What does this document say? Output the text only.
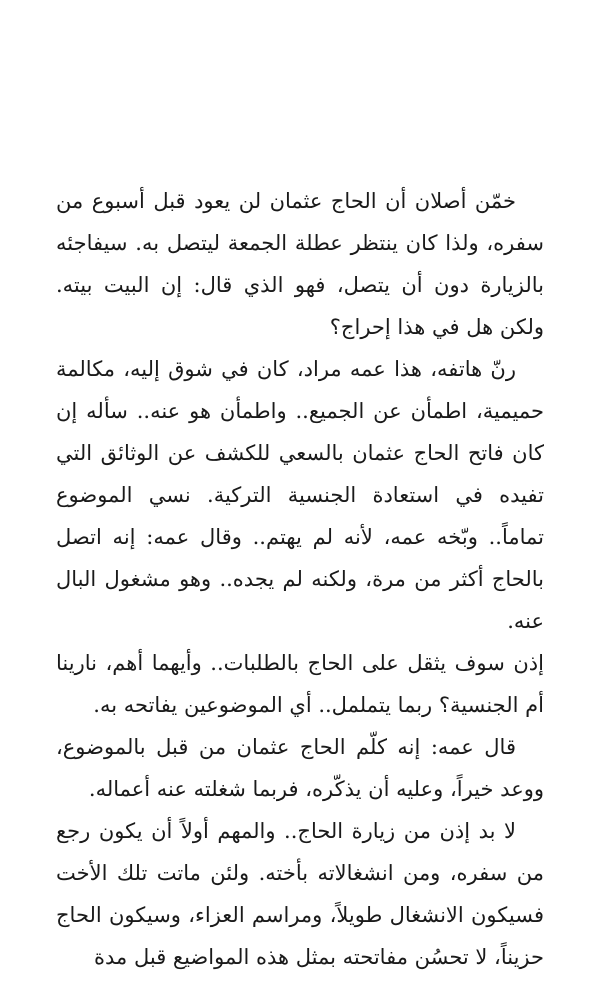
خمّن أصلان أن الحاج عثمان لن يعود قبل أسبوع من سفره، ولذا كان ينتظر عطلة الجمعة ليتصل به. سيفاجئه بالزيارة دون أن يتصل، فهو الذي قال: إن البيت بيته. ولكن هل في هذا إحراج؟

رنّ هاتفه، هذا عمه مراد، كان في شوق إليه، مكالمة حميمية، اطمأن عن الجميع.. واطمأن هو عنه.. سأله إن كان فاتح الحاج عثمان بالسعي للكشف عن الوثائق التي تفيده في استعادة الجنسية التركية. نسي الموضوع تماماً.. وبّخه عمه، لأنه لم يهتم.. وقال عمه: إنه اتصل بالحاج أكثر من مرة، ولكنه لم يجده.. وهو مشغول البال عنه.

إذن سوف يثقل على الحاج بالطلبات.. وأيهما أهم، نارينا أم الجنسية؟ ربما يتململ.. أي الموضوعين يفاتحه به.

قال عمه: إنه كلّم الحاج عثمان من قبل بالموضوع، ووعد خيراً، وعليه أن يذكّره، فربما شغلته عنه أعماله.

لا بد إذن من زيارة الحاج.. والمهم أولاً أن يكون رجع من سفره، ومن انشغالاته بأخته. ولئن ماتت تلك الأخت فسيكون الانشغال طويلاً، ومراسم العزاء، وسيكون الحاج حزيناً، لا تحسُن مفاتحته بمثل هذه المواضيع قبل مدة
